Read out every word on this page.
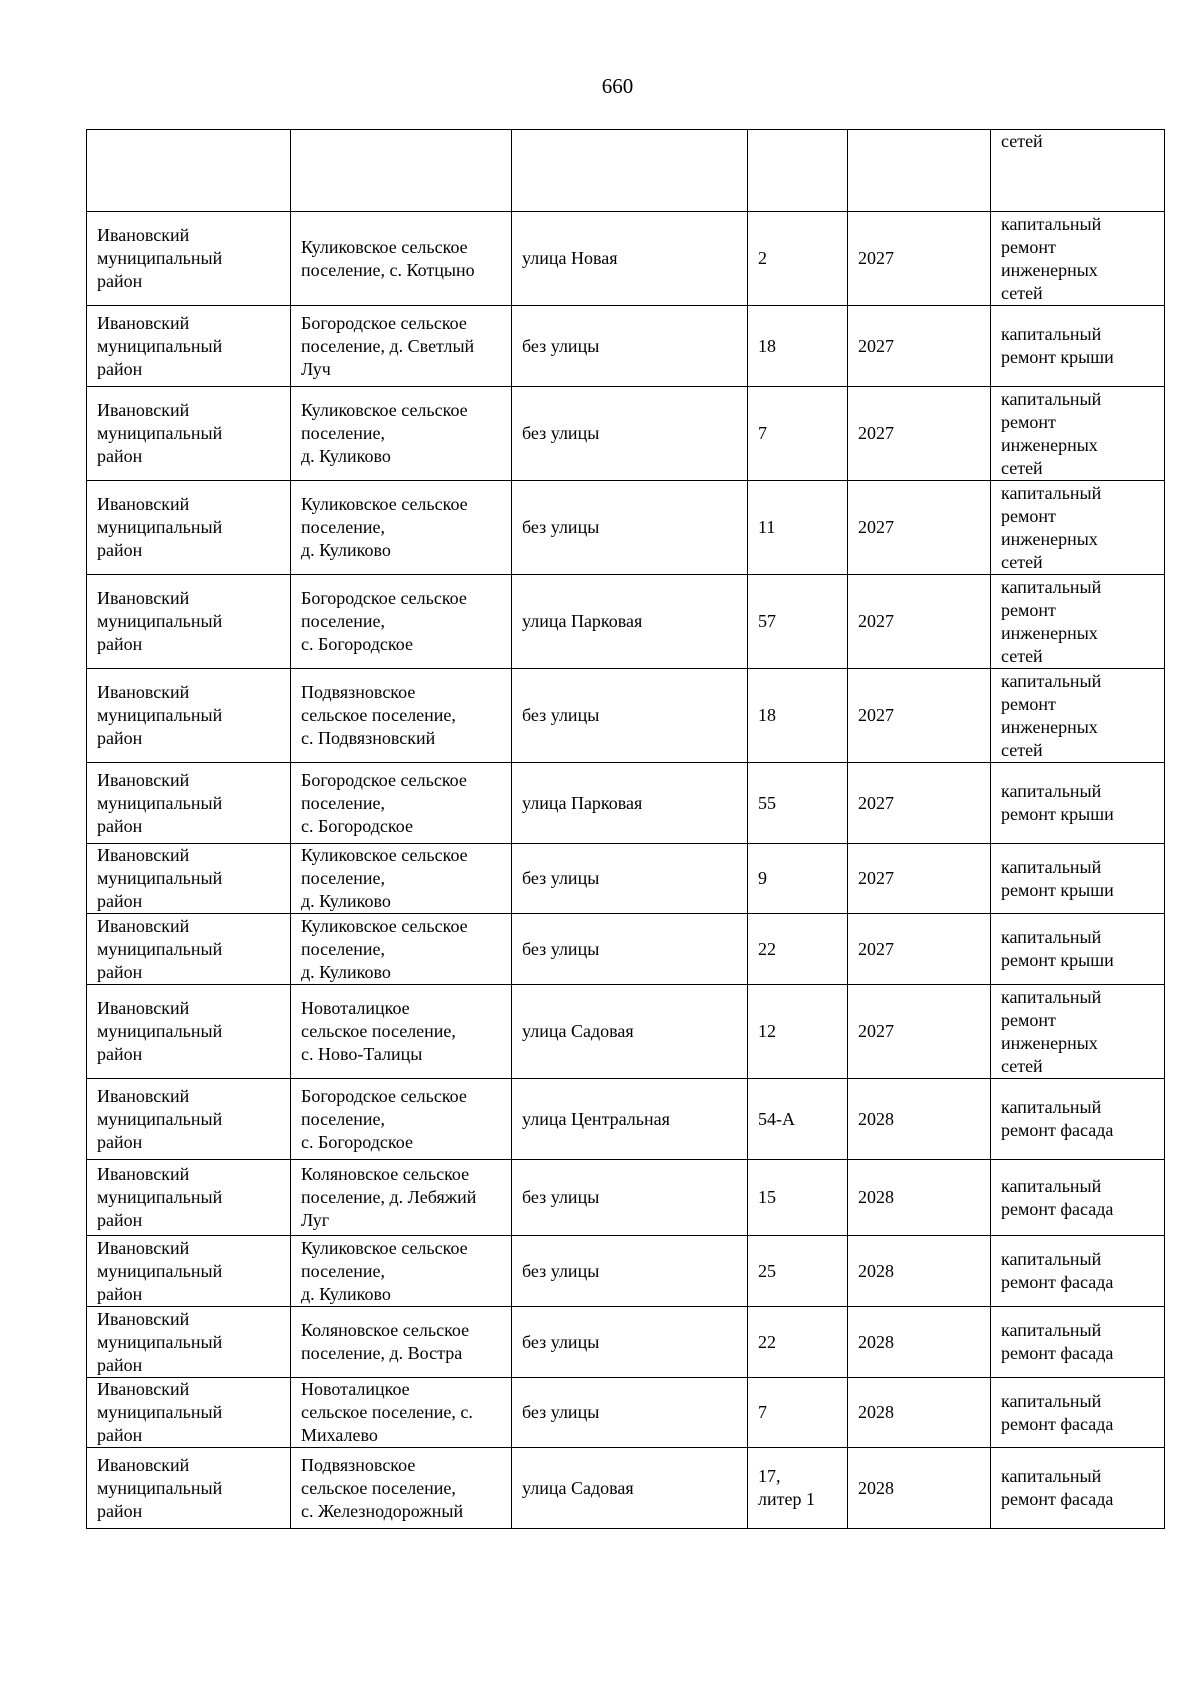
660

					сетей

Ивановский
муниципальный
район	Куликовское сельское
поселение, с. Котцыно	улица Новая	2	2027	капитальный
ремонт
инженерных
сетей

Ивановский
муниципальный
район	Богородское сельское
поселение, д. Светлый
Луч	без улицы	18	2027	капитальный
ремонт крыши

Ивановский
муниципальный
район	Куликовское сельское
поселение,
д. Куликово	без улицы	7	2027	капитальный
ремонт
инженерных
сетей

Ивановский
муниципальный
район	Куликовское сельское
поселение,
д. Куликово	без улицы	11	2027	капитальный
ремонт
инженерных
сетей

Ивановский
муниципальный
район	Богородское сельское
поселение,
с. Богородское	улица Парковая	57	2027	капитальный
ремонт
инженерных
сетей

Ивановский
муниципальный
район	Подвязновское
сельское поселение,
с. Подвязновский	без улицы	18	2027	капитальный
ремонт
инженерных
сетей

Ивановский
муниципальный
район	Богородское сельское
поселение,
с. Богородское	улица Парковая	55	2027	капитальный
ремонт крыши

Ивановский
муниципальный
район	Куликовское сельское
поселение,
д. Куликово	без улицы	9	2027	капитальный
ремонт крыши

Ивановский
муниципальный
район	Куликовское сельское
поселение,
д. Куликово	без улицы	22	2027	капитальный
ремонт крыши

Ивановский
муниципальный
район	Новоталицкое
сельское поселение,
с. Ново-Талицы	улица Садовая	12	2027	капитальный
ремонт
инженерных
сетей

Ивановский
муниципальный
район	Богородское сельское
поселение,
с. Богородское	улица Центральная	54-А	2028	капитальный
ремонт фасада

Ивановский
муниципальный
район	Коляновское сельское
поселение, д. Лебяжий
Луг	без улицы	15	2028	капитальный
ремонт фасада

Ивановский
муниципальный
район	Куликовское сельское
поселение,
д. Куликово	без улицы	25	2028	капитальный
ремонт фасада

Ивановский
муниципальный
район	Коляновское сельское
поселение, д. Востра	без улицы	22	2028	капитальный
ремонт фасада

Ивановский
муниципальный
район	Новоталицкое
сельское поселение, с.
Михалево	без улицы	7	2028	капитальный
ремонт фасада

Ивановский
муниципальный
район	Подвязновское
сельское поселение,
с. Железнодорожный	улица Садовая	17,
литер 1	2028	капитальный
ремонт фасада
